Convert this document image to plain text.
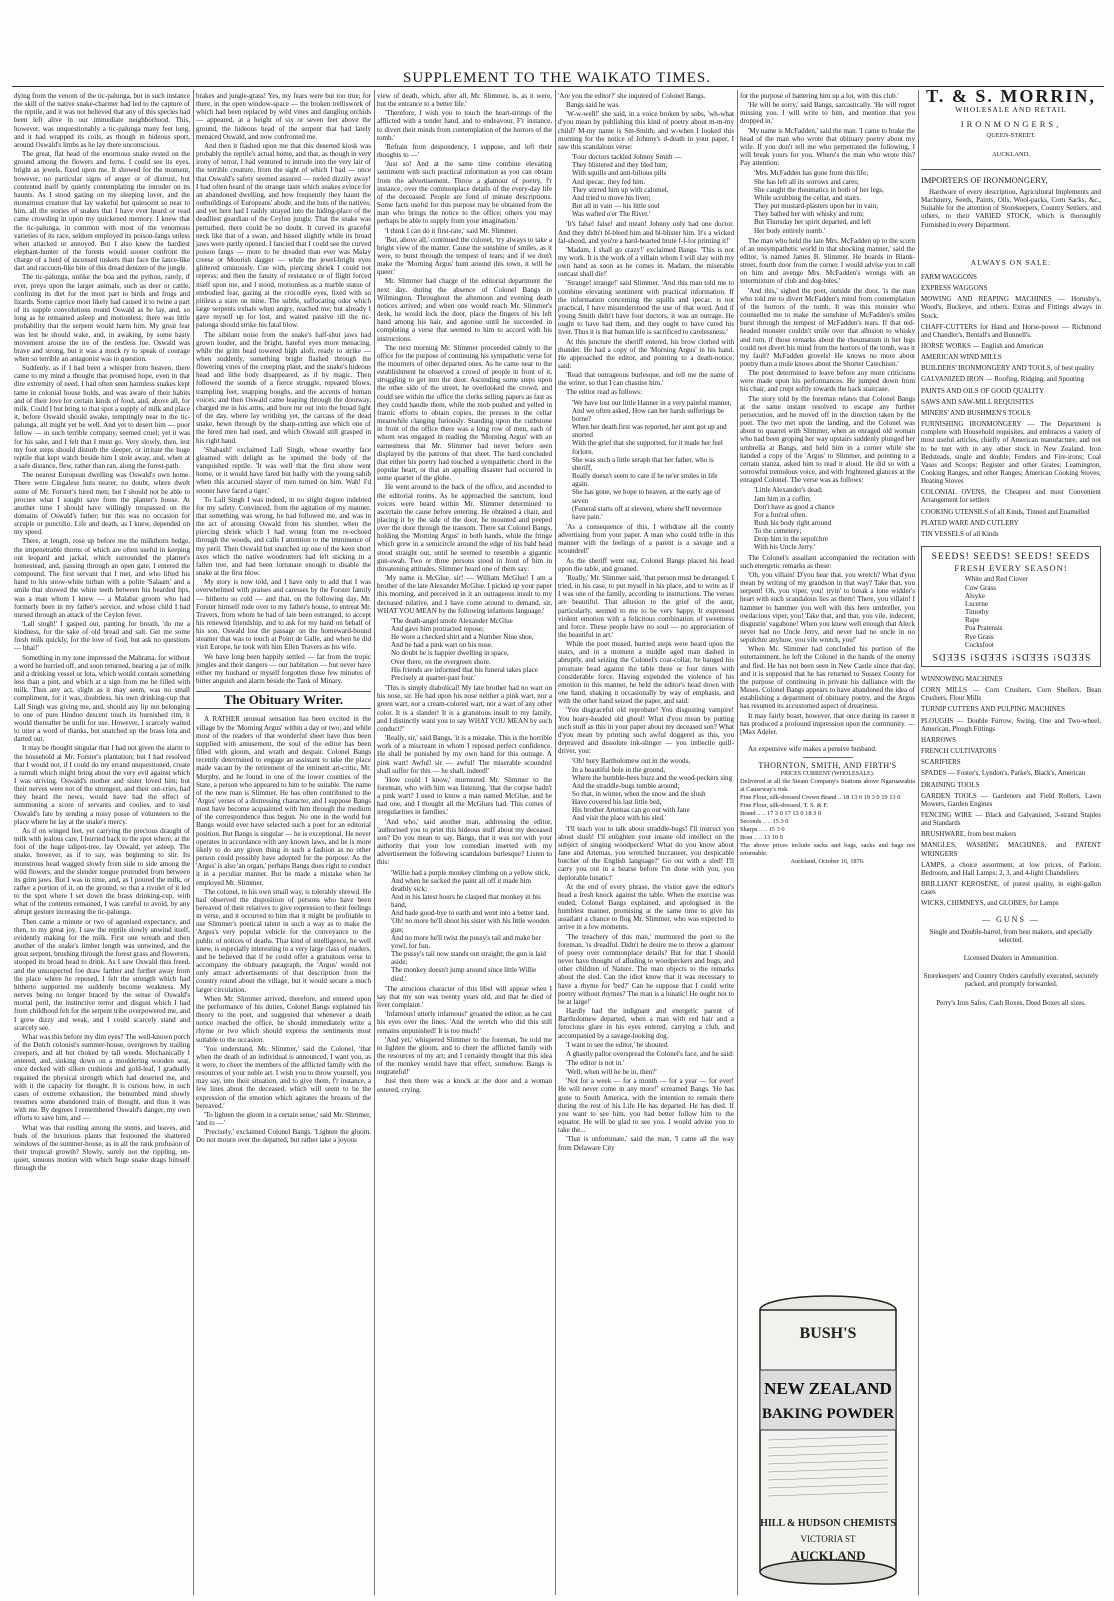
SUPPLEMENT TO THE WAIKATO TIMES.

dying from the venom of the tic-palunga, but in such instance the skill of the native snake-charmer had led to the capture of the reptile, and it was not believed that any of this species had been left alive in our immediate neighborhood. This, however, was unquestionably a tic-palunga many feet long, and it had wrapped its coils, as though in hideous sport, around Oswald's limbs as he lay there unconscious.

The great, flat head of the enormous snake rested on the ground among the flowers and ferns. I could see its eyes, bright as jewels, fixed upon me. It showed for the moment, however, no particular signs of anger or of distrust, but contented itself by quietly contemplating the intruder on its haunts. As I stood gazing on my sleeping lover, and the monstrous creature that lay wakeful but quiescent so near to him, all the stories of snakes that I have ever heard or read came crowding in upon my quickened memory. I knew that the tic-palunga, in common with most of the venomous varieties of its race, seldom employed its poison-fangs unless when attacked or annoyed. But I also knew the hardiest elephant-hunter of the forests would sooner confront the charge of a herd of incensed tuskers than face the lance-like dart and raccoon-like bite of this dread denizen of the jungle.

The tic-palunga, unlike the boa and the python, rarely, if ever, preys upon the larger animals, such as deer or cattle, confining its diet for the most part to birds and frogs and lizards. Some caprice most likely had caused it to twine a part of its supple convolutions round Oswald as he lay, and, so long as he remained asleep and motionless, there was little probability that the serpent would harm him. My great fear was lest he should wake, and, in awaking, by some hasty movement arouse the ire of the restless foe. Oswald was brave and strong, but it was a mock ry to speak of courage when so terrible an antagonist was in question.

Suddenly, as if I had been a whisper from heaven, there came to my mind a thought that promised hope, even in that dire extremity of need. I had often seen harmless snakes kept tame in colonial house holds, and was aware of their habits and of their love for certain kinds of food, and, above all, for milk. Could I but bring to that spot a supply of milk and place it, before Oswald should awake, temptingly near to the tic-palunga, all might yet be well. And yet to desert him — poor fellow — in such terrible company, seemed cruel; yet it was for his sake, and I felt that I must go. Very slowly, then, lest my foot steps should disturb the sleeper, or irritate the huge reptile that kept watch beside him I stole away, and, when at a safe distance, flew, rather than ran, along the forest-path.

The nearest European dwelling was Oswald's own home. There were Cingalese huts nearer, no doubt, where dwelt some of Mr. Forster's hired men; but I should not be able to procure what I sought save from the planter's house. At another time I should have willingly trespassed on the domains of Oswald's father; but this was no occasion for scruple or punctilio. Life and death, as I knew, depended on my speed.

There, at length, rose up before me the milkthorn hedge, the impenetrable thorns of which are often useful in keeping out leopard and jackal, which surrounded the planter's homestead, and, passing through an open gate, I entered the compound. The first servant that I met, and who lifted his hand to his snow-white turban with a polite 'Salaam' and a smile that showed the white teeth between his bearded lips, was a man whom I knew — a Malabar groom who had formerly been in my father's service, and whose child I had nursed through an attack of the Ceylon fever.

'Lall singh!' I gasped out, panting for breath, 'do me a kindness, for the sake of old bread and salt. Get me some fresh milk quickly, for the love of God, but ask no questions — bhai!'

Something in my tone impressed the Mahratta, for without a word he hurried off, and soon returned, bearing a jar of milk and a drinking vessel or lota, which would contain something less than a pint, and which at a sign from me he filled with milk. Thus any act, slight as it may seem, was no small compliment, for it was, doubtless, his own drinking-cup that Lall Singh was giving me, and, should any lip not belonging to one of pure Hindoo descent touch its burnished rim, it would thereafter be unfit for use. However, I scarcely waited to utter a word of thanks, but snatched up the brass lota and darted out.

It may be thought singular that I had not given the alarm to the household at Mr. Forster's plantation; but I had resolved that I would not, if I could do my errand unquestioned, create a tumult which might bring about the very evil against which I was striving. Oswald's mother and sister loved him; but their nerves were not of the strongest, and their out-cries, had they heard the news, would have had the effect of summoning a score of servants and coolies, and to seal Oswald's fate by sending a noisy posse of volunteers to the place where he lay at the snake's mercy.

As if on winged feet, yet carrying the precious draught of milk with jealous care, I hurried back to the spot where, at the foot of the huge talipot-tree, lay Oswald, yet asleep. The snake, however, as if to say, was beginning to stir. Its monstrous head wagged slowly from side to side among the wild flowers, and the slender tongue protruded from between its grim jaws. But I was in time, and, as I poured the milk, or rather a portion of it, on the ground, so that a rivulet of it led to the spot where I set down the brass drinking-cup, with what of the contents remained, I was careful to avoid, by any abrupt gesture increasing the tic-palunga.

Then came a minute or two of agonised expectancy, and then, to my great joy, I saw the reptile slowly unwind itself, evidently making for the milk. First one wreath and then another of the snake's limber length was untwined, and the great serpent, brushing through the forest grass and flowerets, stooped its broad head to drink. As I saw Oswald thus freed, and the unsuspected foe draw farther and further away from the place where he reposed, I felt the strength which had hitherto supported me suddenly become weakness. My nerves being no longer braced by the sense of Oswald's mortal peril, the instinctive terror and disgust which I had from childhood felt for the serpent tribe overpowered me, and I grew dizzy and weak, and I could scarcely stand and scarcely see.

What was this before my dim eyes? The well-known porch of the Dutch colonist's summer-house, overgrown by trailing creepers, and all but choked by tall weeds. Mechanically I entered, and, sinking down on a mouldering wooden seat, once decked with silken cushions and gold-leaf, I gradually regained the physical strength which had deserted me, and with it the capacity for thought. It is curious how, in such cases of extreme exhaustion, the benumbed mind slowly resumes some abandoned train of thought, and thus it was with me. By degrees I remembered Oswald's danger, my own efforts to save him, and —

What was that rustling among the stems, and leaves, and buds of the luxurious plants that festooned the shattered windows of the summer-house, as in all the rank profusion of their tropical growth? Slowly, surely not the rippling, un-quiet, sinuous motion with which huge snake drags himself through the

brakes and jungle-grass! Yes, my fears were but too true; for there, in the open window-space — the broken trelliswork of which had been replaced by wild vines and dangling orchids — appeared, at a height of six or seven feet above the ground, the hideous head of the serpent that had lately menaced Oswald, and now confronted me.

And then it flashed upon me that this deserted kiosk was probably the reptile's actual home, and that, as though in very irony of terror, I had ventured to intrude into the very lair of the terrible creature, from the sight of which I had — once that Oswald's safety seemed assured — reeled dizzily away! I had often heard of the strange taste which snakes evince for an abandoned dwelling, and how frequently they haunt the outbuildings of Europeans' abode, and the huts of the natives; and yet here had I rashly strayed into the hiding-place of the deadliest guardian of the Ceylon jungle. That the snake was perturbed, there could be no doubt. It curved its graceful neck like that of a swan, and hissed slightly while its broad jaws were partly opened. I fancied that I could see the curved poison fangs — more to be dreaded than ever was Malay creese or Moorish dagger — while the jewel-bright eyes glittered ominously. Cue with, piercing shriek I could not repress; and then the fatuity of resistance or of flight forced itself upon me, and I stood, motionless as a marble statue of embodied fear, gazing at the crocodile eyes, fixed with so pitiless a stare on mine. The subtle, suffocating odor which large serpents exhale when angry, reached me; but already I gave myself up for lost, and waited passive till the tic-palunga should strike his fatal blow.

The sibilant noise from the snake's half-shut jaws had grown louder, and the bright, hateful eyes more menacing, while the grim head towered high aloft, ready to strike — when suddenly, something bright flashed through the flowering vines of the creeping plant, and the snake's hideous head and lithe body disappeared, as if by magic. Then followed the sounds of a fierce struggle, repeated blows, trampling feet, snapping boughs, and the accents of human voices; and then Oswald came leaping through the doorway, charged me in his arms, and bore me out into the broad light of the day, where lay writhing yet, the carcass of the dead snake, hewn through by the sharp-cutting axe which one of the hired men had used, and which Oswald still grasped in his right hand.

'Shabash!' exclaimed Lall Singh, whose swarthy face gleamed with delight as he spurned the body of the vanquished reptile. 'It was well that the first show went home, or it would have fared but badly with the young sahib when this accursed slayer of men turned on him. Wah! I'd sooner have faced a tiger.'

To Lall Singh I was indeed, in no slight degree indebted for my safety. Convinced, from the agitation of my manner, that something was wrong, he had followed me, and was in the act of arousing Oswald from his slumber, when the piercing shriek which I had wrung from me re-echoed through the woods, and calls I attention to the imminence of my peril. Then Oswald hut snatched up one of the keen short axes which the native woodcutters had left sticking in a fallen tree, and had been fortunate enough to disable the snake at the first blow.

My story is now told, and I have only to add that I was overwhelmed with praises and caresses by the Forster family — hitherto so cold — and that, on the following day, Mr. Forster himself rode over to my father's house, to entreat Mr. Travers, from whom he had of late been estranged, to accept his renewed friendship, and to ask for my hand on behalf of his son. Oswald lost the passage on the homeward-bound steamer that was to touch at Point de Galle, and when he did visit Europe, he took with him Ellen Travers as his wife.

We have long been happily settled — far from the tropic jungles and their dangers — our habitation — but never have either my husband or myself forgotten those few minutes of bitter anguish and alarm beside the Tank of Minary.

The Obituary Writer.

A RATHER unusual sensation has been excited in the village by the 'Morning Argus' within a day or two; and while most of the readers of that wonderful sheet have thus been supplied with amusement, the soul of the editor has been filled with gloom, and wrath and despair. Colonel Bangs recently determined to engage an assistant to take the place made vacant by the retirement of the eminent art-critic, Mr. Murphy, and he found in one of the lower counties of the State, a person who appeared to him to be suitable. The name of the new man is Slimmer. He has often contributed to the 'Argus' verses of a distressing character, and I suppose Bangs must have become acquainted with him through the medium of the correspondence thus begun. No one in the world but Bangs would ever have selected such a poet for an editorial position. But Bangs is singular — he is exceptional. He never operates in accordance with any known laws, and he is more likely to do any given thing in such a fashion as no other person could possibly have adopted for the purpose. As the 'Argus' is also 'an organ,' perhaps Bangs does right to conduct it in a peculiar manner. But he made a mistake when he employed Mr. Slimmer.

The colonel, in his own small way, is tolerably shrewd. He had observed the disposition of persons who have been bereaved of their relatives to give expression to their feelings in verse, and it occurred to him that it might be profitable to use Slimmer's poetical talent in such a way as to make the 'Argus's very popular vehicle for the conveyance to the public of notices of deaths. That kind of intelligence, he well knew, is especially interesting to a very large class of readers, and he believed that if he could offer a gratuitous verse to accompany the obituary paragraph, the 'Argus' would not only attract advertisements of that description from the country round about the village, but it would secure a much larger circulation.

When Mr. Slimmer arrived, therefore, and entered upon the performance of his duties, Colonel Bangs explained his theory to the poet, and suggested that whenever a death notice reached the office, he should immediately write a rhyme or two which should express the sentiments most suitable to the occasion.

'You understand, Mr. Slimmer,' said the Colonel, 'that when the death of an individual is announced, I want you, as it were, to cheer the members of the afflicted family with the resources of your noble art. I wish you to throw yourself, you may say, into their situation, and to give them, f'r instance, a few lines about the deceased, which will seem to be the expression of the emotion which agitates the breasts of the bereaved.'

'To lighten the gloom in a certain sense,' said Mr. Slimmer, 'and to —'

'Precisely,' exclaimed Colonel Bangs. 'Lighten the gloom. Do not mourn over the departed, but rather take a joyous

view of death, which, after all, Mr. Slimmer, is, as it were, but the entrance to a better life.'

'Therefore, I wish you to touch the heart-strings of the afflicted with a tender hand, and to endeavour, F'r instance, to divert their minds from contemplation of the horrors of the tomb.'

'Refrain from despondency, I suppose, and left their thoughts to —'

'Just so! And at the same time combine elevating sentiment with such practical information as you can obtain from the advertisement. Throw a glamour of poetry, f'r instance, over the commonplace details of the every-day life of the deceased. People are fond of minute descriptions. Some facts useful for this purpose may be obtained from the man who brings the notice to the office; others you may perhaps be able to supply from your imagination.'

'I think I can do it first-rate,' said Mr. Slimmer.

'But, above all,' continued the colonel, 'try always to take a bright view of the matter. Cause the sunshine of smiles, as it were, to burst through the tempest of tears; and if we don't make the 'Morning Argus' hum around this town, it will be queer.'

Mr. Slimmer had charge of the editorial department the next day, during the absence of Colonel Bangs in Wilmington. Throughout the afternoon and evening death notices arrived; and when one would reach Mr. Slimmer's desk, he would lock the door, place the fingers of his left hand among his hair, and agonise until he succeeded in completing a verse that seemed to him to accord with his instructions.

The next morning Mr. Slimmer proceeded calmly to the office for the purpose of continuing his sympathetic verse for the mourners of other departed ones. As he came near to the establishment he observed a crowd of people in front of it, struggling to get into the door. Ascending some steps upon the other side of the street, he overlooked the crowd, and could see within the office the clerks selling papers as fast as they could handle them, while the mob pushed and yelled in frantic efforts to obtain copies, the presses in the cellar meanwhile clanging furiously. Standing upon the curbstone in front of the office there was a long row of men, each of whom was engaged in reading the 'Morning Argus' with an earnestness that Mr. Slimmer had never before seen displayed by the patrons of that sheet. The bard concluded that either his poetry had touched a sympathetic chord in the popular heart, or that an appalling disaster had occurred in some quarter of the globe.

He went around to the back of the office, and ascended to the editorial rooms. As he approached the sanctum, loud voices were heard within Mr. Slimmer determined to ascertain the cause before entering. He obtained a chair, and placing it by the side of the door, he mounted and peeped over the door through the transom. There sat Colonel Bangs, holding the 'Morning Argus' in both hands, while the fringe which grew in a semicircle around the edge of his bald head stood straight out, until he seemed to resemble a gigantic gun-swab. Two or three persons stood in front of him in threatening attitudes. Slimmer heard one of them say:

'My name is McGlue, sir! — William McGlue! I am a brother of the late Alexander McGlue. I picked up your paper this morning, and perceived in it an outrageous insult to my deceased relative, and I have come around to demand, sir, WHAT YOU MEAN by the following infamous language:'

'The death-angel smote Alexander McGlue
And gave him protracted repose;
He wore a checked shirt and a Number Nine shoe,
And he had a pink wart on his nose.
No doubt he is happier dwelling in space,
Over there, on the evergreen shore.
His friends are informed that his funeral takes place
Precisely at quarter-past four.'

'This is simply diabolical! My late brother had no wart on his nose, sir. He had upon his nose neither a pink wart, nor a green wart, nor a cream-colored wart, nor a wart of any other color. It is a slander! It is a gratuitous insult to my family, and I distinctly want you to say WHAT YOU MEAN by such conduct?'

'Really, sir,' said Bangs, 'it is a mistake. This is the horrible work of a miscreant in whom I reposed perfect confidence. He shall be punished by my own hand for this outrage. A pink wart! Awful! sir — awful! The miserable scoundrel shall suffer for this — he shall, indeed!'

'How could I know,' murmured Mr. Slimmer to the foreman, who with him was listening, 'that the corpse hadn't a pink wart? I used to know a man named McGlue, and he had one, and I thought all the McGlues had. This comes of irregularities in families.'

'And who,' said another man, addressing the editor, 'authorised you to print this hideous stuff about my deceased son? Do you mean to say, Bangs, that it was not with your authority that your low comedian inserted with my advertisement the following scandalous burlesque? Listen to this:

'Willie had a purple monkey climbing on a yellow stick,
And when he sucked the paint all off it made him deathly sick;
And in his latest hours he clasped that monkey in his hand,
And bade good-bye to earth and went into a better land.
'Oh! no more he'll shoot his sister with his little wooden gun;
And no more he'll twist the pussy's tail and make her yowl, for fun.
The pussy's tail now stands out straight; the gun is laid aside;
The monkey doesn't jump around since little Willie died.'

'The atrocious character of this libel will appear when I say that my son was twenty years old, and that he died of liver complaint.'

'Infamous! utterly infamous!' groaned the editor, as he cast his eyes over the lines. 'And the wretch who did this still remains unpunished! It is too much!'

'And yet,' whispered Slimmer to the foreman, 'he told me to lighten the gloom, and to cheer the afflicted family with the resources of my art; and I certainly thought that this idea of the monkey would have that effect, somehow. Bangs is ungrateful!'

Just then there was a knock at the door and a woman entered, crying.

'Are you the editor?' she inquired of Colonel Bangs.

Bangs said he was.

'W-w-well!' she said, in a voice broken by sobs, 'wh-what d'you mean by publishing this kind of poetry about m-m-my child? M-my name is Sm-Smith; and w-when I looked this morning for the notice of Johnny's d-death in your paper, I saw this scandalous verse:

'Four doctors tackled Johnny Smith —
They blistered and they bled him;
With squills and anti-bilious pills
And ipecac. they fed him.
They stirred him up with calomel,
And tried to move his liver;
But all in vain — his little soul
Was wafted o'er The River.'

'It's false! false! and mean! Johnny only had one doctor. And they didn't bl-bleed him and bl-blister him. It's a wicked fal-shood, and you're a hard-hearted brute f-f-for printing it!'

'Madam, I shall go crazy!' exclaimed Bangs. 'This is not my work. It is the work of a villain whom I will slay with my own hand as soon as he comes in. Madam, the miserable outcast shall die!'

'Strange! strange!' said Slimmer. 'And this man told me to combine elevating sentiment with practical information. If the information concerning the squills and ipecac. is not practical, I have misunderstood the use of that word. And if young Smith didn't have four doctors, it was an outrage. He ought to have had them, and they ought to have cured his liver. Thus it is that human life is sacrificed to carelessness.'

At this juncture the sheriff entered, his brow clothed with thunder. He had a copy of the 'Morning Argus' in his hand. He approached the editor, and pointing to a death-notice, said:

'Read that outrageous burlesque, and tell me the name of the writer, so that I can chastise him.'

The editor read as follows:

'We have lost our little Hanner in a very painful manner,
And we often asked, How can her harsh sufferings be borne?
When her death first was reported, her aunt got up and snorted
With the grief that she supported, for it made her feel forlorn.
She was such a little seraph that her father, who is sheriff,
Really doesn't seem to care if he ne'er smiles in life again.
She has gone, we hope to heaven, at the early age of seven
(Funeral starts off at eleven), where she'll nevermore have pain.'

'As a consequence of this, I withdraw all the county advertising from your paper. A man who could trifle in this manner with the feelings of a parent is a savage and a scoundrel!'

As the sheriff went out, Colonel Bangs placed his head upon the table, and groaned.

'Really,' Mr. Slimmer said, 'that person must be deranged. I tried, in his case, to put myself in his place, and to write as if I was one of the family, according to instructions. The verses are beautiful. That allusion to the grief of the aunt, particularly, seemed to me to be very happy. It expressed violent emotion with a felicitous combination of sweetness and force. These people have no soul — no appreciation of the beautiful in art.'

While the poet mused, hurried steps were heard upon the stairs, and in a moment a middle aged man dashed in abruptly, and seizing the Colonel's coat-collar, he banged his prostrate head against the table three or four times with considerable force. Having expended the violence of his emotion in this manner, he held the editor's head down with one hand, shaking it occasionally by way of emphasis, and with the other hand seized the paper, and said:

'You disgraceful old reprobate! You disgusting vampire! You hoary-headed old ghoul! What d'you mean by putting such stuff as this in your paper about my deceased son? What d'you mean by printing such awful doggerel as this, you depraved and dissolute ink-slinger — you imbecile quill-driver, you:

'Oh! bury Bartholomew out in the woods,
In a beautiful hole in the ground,
Where the bumble-bees buzz and the wood-peckers sing
And the straddle-bugs tumble around;
So that, in winter, when the snow and the slush
Have covered his last little bed,
His brother Artemas can go out with Jane
And visit the place with his sled.'

'I'll teach you to talk about straddle-bugs! I'll instruct you about slush! I'll enlighten your insane old intellect on the subject of singing woodpeckers! What do you know about Jane and Artemas, you wretched buccaneer, you despicable butcher of the English language?' Go out with a sled! I'll carry you out in a hearse before I'm done with you, you deplorable lunatic!'

At the end of every phrase, the visitor gave the editor's head a fresh knock against the table. When the exercise was ended, Colonel Bangs explained, and apologised in the humblest manner, promising at the same time to give his assailant a chance to flog Mr. Slimmer, who was expected to arrive in a few moments.

'The treachery of this man,' murmured the poet to the foreman, 'is dreadful. Didn't he desire me to throw a glamour of poesy over commonplace details? But for that I should never have thought of alluding to woodpeckers and bugs, and other children of Nature. The man objects to the remarks about the sled. Can the idiot know that it was necessary to have a rhyme for 'bed?' Can he suppose that I could write poetry without rhymes? The man is a lunatic! He ought not to be at large!'

Hardly had the indignant and energetic parent of Bartholomew departed, when a man with red hair and a ferocious glare in his eyes entered, carrying a club, and accompanied by a savage-looking dog.

'I want to see the editor,' he shouted.

A ghastly pallor overspread the Colonel's face, and he said:

'The editor is not in.'

'Well, when will he be in, then?'

'Not for a week — for a month — for a year — for ever! He will never come in any more!' screamed Bangs. 'He has gone to South America, with the intention to remain there during the rest of his Life He has departed. He has died. If you want to see him, you had better follow him to the equator. He will be glad to see you. I would advise you to take the...

'That is unfortunate,' said the man, 'I came all the way from Delaware City

for the purpose of battering him up a lot, with this club.'

'He will be sorry,' said Bangs, sarcastically. 'He will regret missing you. I will write to him, and mention that you dropped in.'

'My name is McFadden,' said the man. 'I came to brake the head of the man who wrote that obituary poetry about my wife. If you don't tell me who perpetrated the following, I will break yours for you. Where's the man who wrote this? Pay attention:

'Mrs. McFadden has gone from this life;
She has left all its sorrows and cares;
She caught the rheumatics in both of her legs,
While scrubbing the cellar, and stairs.
They put mustard-plasters upon her in vain;
They bathed her with whisky and rum;
But Thursday her spirit departed, and left
Her body entirely numb.'

The man who held the late Mrs. McFadden up to the scorn of an unsympathetic world in that shocking manner,' said the editor, 'is named James B. Slimmer. He boards in Blank-street, fourth door from the corner. I would advise you to call on him and avenge Mrs. McFadden's wrongs with an intermixture of club and dog-bites.'

'And this,' sighed the poet, outside the door, 'is the man who told me to divert McFadden's mind from contemplation of the horrors of the tomb. It was this monster who counselled me to make the sunshine of McFadden's smiles burst through the tempest of McFadden's tears. If that red-headed monster couldn't smile over that allusion to whisky and rum, if those remarks about the rheumatism in her legs could not divert his mind from the horrors of the tomb, was it my fault? McFadden grovels! He knows no more about poetry than a mule knows about the Shorter Catechism.'

The poet determined to leave before any more criticisms were made upon his performances. He jumped down from his chair, and crept softly towards the back staircase.

The story told by the foreman relates that Colonel Bangs at the same instant resolved to escape any further persecution, and he moved off in the direction taken by the poet. The two met upon the landing, and the Colonel was about to quarrel with Slimmer, when an enraged old woman who had been groping her way upstairs suddenly plunged her umbrella at Bangs, and held him in a corner while she handed a copy of the 'Argus' to Slimmer, and pointing to a certain stanza, asked him to read it aloud. He did so with a sorrowful tremulous voice, and with frightened glances at the enraged Colonel. The verse was as follows:

'Little Alexander's dead;
Jam him in a coffin;
Don't have as good a chance
For a fun'ral often.
Rush his body right around
To the cemetery;
Drop him in the sepulchre
With his Uncle Jerry.'

The Colonel's assailant accompanied the recitation with such energetic remarks as these:

'Oh, you villain! D'you hear that, you wretch? What d'you mean by writing of my grandson in that way? Take that, you serpent! Oh, you viper, you! tryin' to break a lone widder's heart with such scandalous lies as them! There, you villain! I hammer to hammer you well with this here umbreller, you owdacious viper, you! Take that, and that, you vile, indecent, disgustin' vagabone! When you knew well enough that Aleck never had no Uncle Jerry, and never had no uncle in no sepulchre anyhow, you vile wretch, you!'

When Mr. Slimmer had concluded his portion of the entertainment, he left the Colonel in the hands of the enemy and fled. He has not been seen in New Castle since that day, and it is supposed that he has returned to Sussex County for the purpose of continuing in private his dalliance with the Muses. Colonel Bangs appears to have abandoned the idea of establishing a department of obituary poetry, and the Argus has resumed its accustomed aspect of dreariness.

It may fairly boast, however, that once during its career it has produced a profound impression upon the community. — [Max Adeler.

An expensive wife makes a pensive husband.

THORNTON, SMITH, AND FIRTH'S
PRICES CURRENT (WHOLESALE).
Delivered at all the Steam Company's Stations above Ngaruawahia at Causeway's risk.
Fine Flour, silk-dressed Crown Brand .. 18 13 0 19 3 0 19 13 0
Fine Flour, silk-dressed, T. S. & F.
Brand .. .. 17 3 0 17 13 0 18 3 0
Seconds .. .. 15 3 0
Sharps .. .. 15 3 0
Bran .. .. 13 10 0
The above prices include sacks and bags, sacks and bags not returnable.
Auckland, October 16, 1876.
BUSH'S
NEW ZEALAND
BAKING POWDER
HILL & HUDSON CHEMISTS
VICTORIA ST
AUCKLAND
T. & S. MORRIN,
WHOLESALE AND RETAIL
IRONMONGERS,
QUEEN-STREET.
AUCKLAND.
IMPORTERS OF IRONMONGERY,

Hardware of every description, Agricultural Implements and Machinery, Seeds, Paints, Oils, Wool-packs, Corn Sacks, &c., Suitable for the attention of Storekeepers, Country Settlers, and others, to their VARIED STOCK, which is thoroughly Furnished in every Department.

ALWAYS ON SALE:
FARM WAGGONS
EXPRESS WAGGONS
MOWING AND REAPING MACHINES — Hornsby's, Wood's, Buckeye, and others. Extras and Fittings always in Stock.
CHAFF-CUTTERS for Hand and Horse-power — Richmond and Chandler's, Bentall's and Bunnell's.
HORSE WORKS — English and American
AMERICAN WIND MILLS
BUILDERS' IRONMONGERY AND TOOLS, of best quality
GALVANIZED IRON — Roofing, Ridging, and Spouting
PAINTS AND OILS OF GOOD QUALITY
SAWS AND SAW-MILL REQUISITES
MINERS' AND BUSHMEN'S TOOLS
FURNISHING IRONMONGERY — The Department is complete with Household requisites, and embraces a variety of most useful articles, chiefly of American manufacture, and not to be met with in any other stock in New Zealand. Iron Bedsteads, single and double; Fenders and Fire-irons; Coal Vases and Scoops; Register and other Grates; Leamington, Cooking Ranges, and other Ranges; American Cooking Stoves; Heating Stoves
COLONIAL OVENS, the Cheapest and most Convenient Arrangement for settlers
COOKING UTENSILS of all Kinds, Tinned and Enamelled
PLATED WARE AND CUTLERY
TIN VESSELS of all Kinds
SEEDS! SEEDS! SEEDS! SEEDS
FRESH EVERY SEASON!
White and Red Clover
Cow Grass
Alsyke
Lucerne
Timothy
Rape
Poa Pratensis
Rye Grass
Cocksfoot
SEEDS! SEEDS! SEEDS! SEEDS
WINNOWING MACHINES
CORN MILLS — Corn Crushers, Corn Shellers, Bean Crushers, Flour Mills
TURNIP CUTTERS AND PULPING MACHINES
PLOUGHS — Double Furrow, Swing, One and Two-wheel, American, Plough Fittings
HARROWS
FRENCH CULTIVATORS
SCARIFIERS
SPADES — Foster's, Lyndon's, Parke's, Black's, American
DRAINING TOOLS
GARDEN TOOLS — Gardeners and Field Rollers, Lawn Mowers, Garden Engines
FENCING WIRE — Black and Galvanised, 3-strand Staples and Standards
BRUSHWARE, from best makers
MANGLES, WASHING MACHINES, and PATENT WRINGERS
LAMPS, a choice assortment, at low prices, of Parlour, Bedroom, and Hall Lamps; 2, 3, and 4-light Chandeliers
BRILLIANT KEROSENE, of purest quality, in eight-gallon cases
WICKS, CHIMNEYS, and GLOBES, for Lamps
— GUNS —
Single and Double-barrel, from best makers, and specially selected.
Licensed Dealers in Ammunition.
Storekeepers' and Country Orders carefully executed, securely packed, and promptly forwarded.
Perry's Iron Safes, Cash Boxes, Deed Boxes all sizes.
